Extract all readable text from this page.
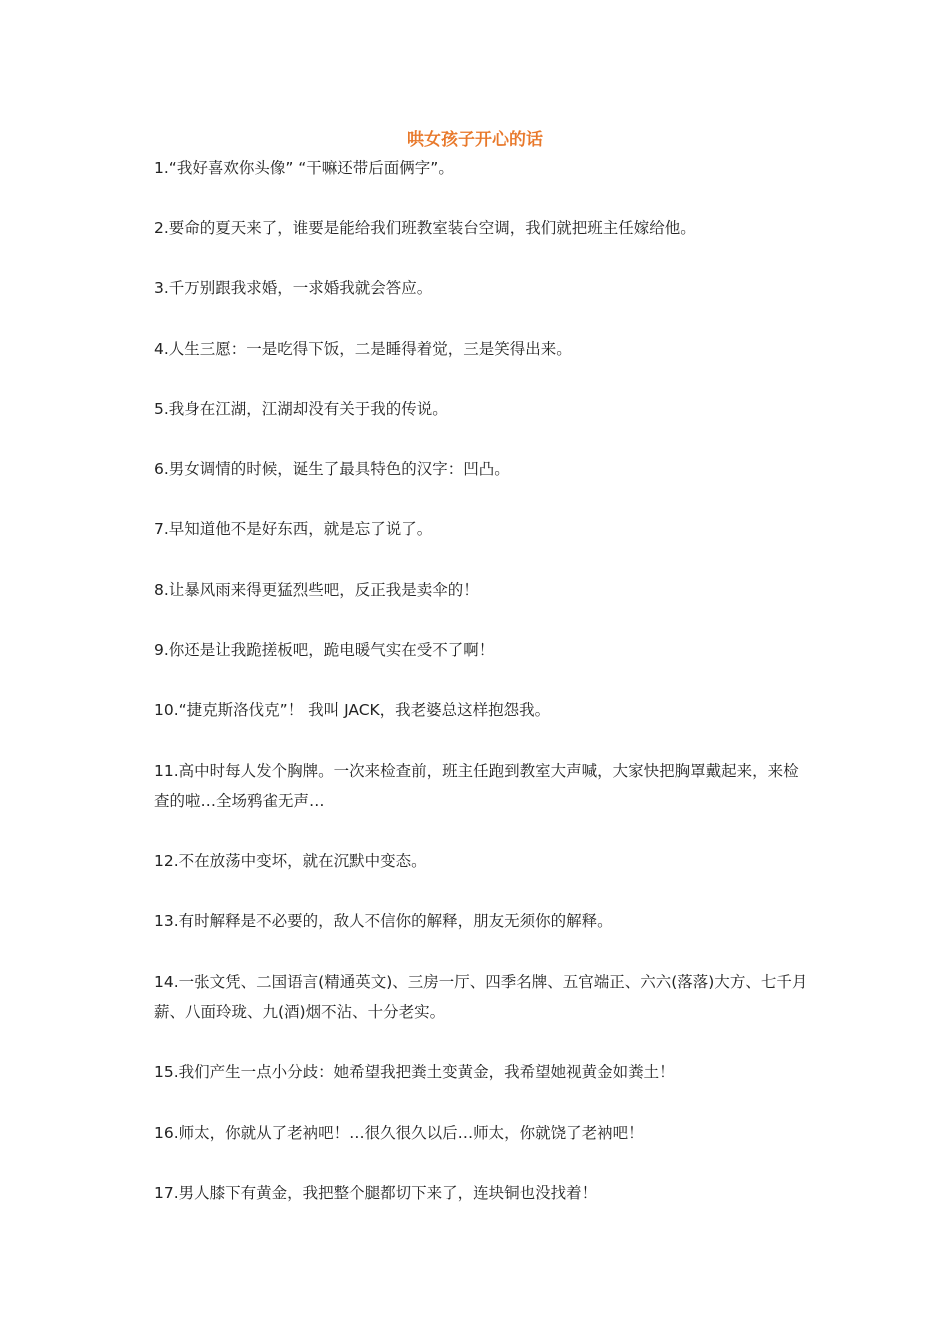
哄女孩子开心的话
1.“我好喜欢你头像” “干嘛还带后面俩字”。
2.要命的夏天来了，谁要是能给我们班教室装台空调，我们就把班主任嫁给他。
3.千万别跟我求婚，一求婚我就会答应。
4.人生三愿：一是吃得下饭，二是睡得着觉，三是笑得出来。
5.我身在江湖，江湖却没有关于我的传说。
6.男女调情的时候，诞生了最具特色的汉字：凹凸。
7.早知道他不是好东西，就是忘了说了。
8.让暴风雨来得更猛烈些吧，反正我是卖伞的！
9.你还是让我跪搓板吧，跪电暖气实在受不了啊！
10.“捷克斯洛伐克”！ 我叫 JACK，我老婆总这样抱怨我。
11.高中时每人发个胸牌。一次来检查前，班主任跑到教室大声喊，大家快把胸罩戴起来，来检查的啦…全场鸦雀无声…
12.不在放荡中变坏，就在沉默中变态。
13.有时解释是不必要的，敌人不信你的解释，朋友无须你的解释。
14.一张文凭、二国语言(精通英文)、三房一厅、四季名牌、五官端正、六六(落落)大方、七千月薪、八面玲珑、九(酒)烟不沾、十分老实。
15.我们产生一点小分歧：她希望我把粪土变黄金，我希望她视黄金如粪土！
16.师太，你就从了老衲吧！…很久很久以后…师太，你就饶了老衲吧！
17.男人膝下有黄金，我把整个腿都切下来了，连块铜也没找着！
